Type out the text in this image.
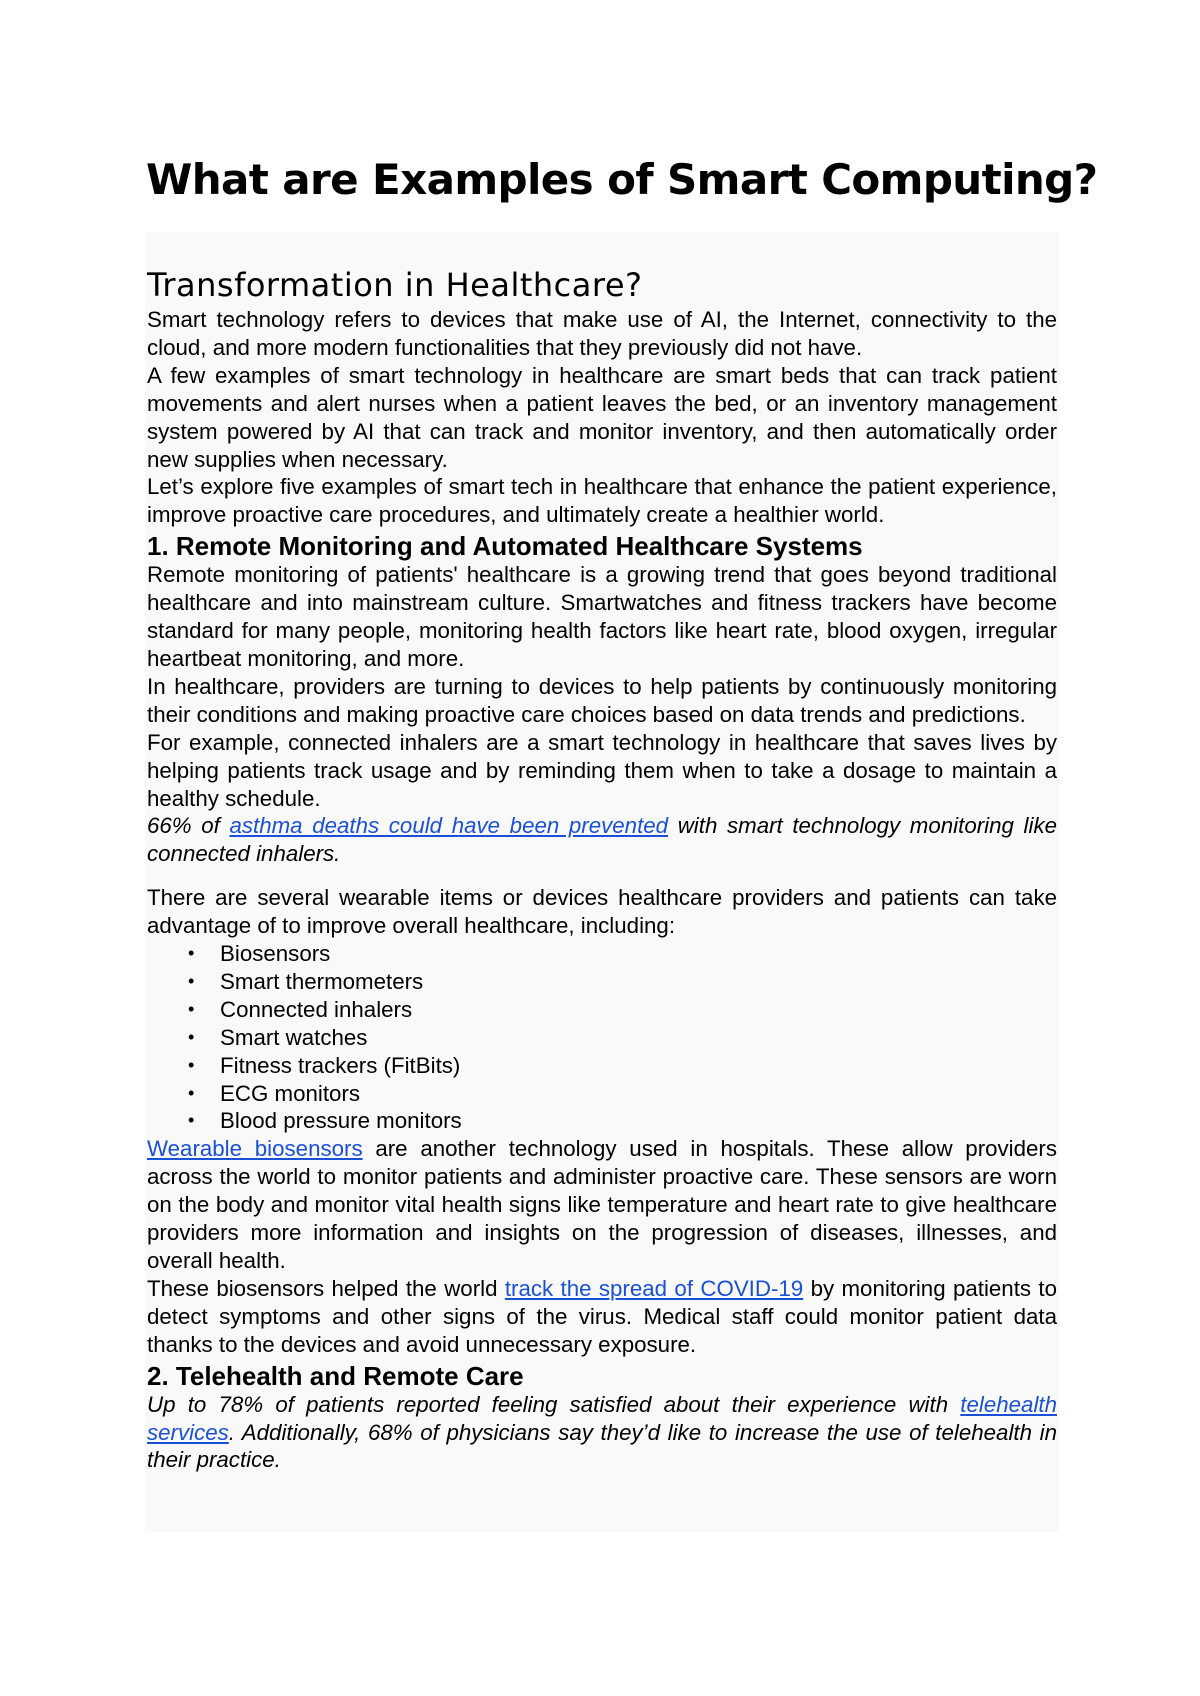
What are Examples of Smart Computing?
Transformation in Healthcare?

Smart technology refers to devices that make use of AI, the Internet, connectivity to the cloud, and more modern functionalities that they previously did not have.

A few examples of smart technology in healthcare are smart beds that can track patient movements and alert nurses when a patient leaves the bed, or an inventory management system powered by AI that can track and monitor inventory, and then automatically order new supplies when necessary.

Let’s explore five examples of smart tech in healthcare that enhance the patient experience, improve proactive care procedures, and ultimately create a healthier world.

1. Remote Monitoring and Automated Healthcare Systems

Remote monitoring of patients' healthcare is a growing trend that goes beyond traditional healthcare and into mainstream culture. Smartwatches and fitness trackers have become standard for many people, monitoring health factors like heart rate, blood oxygen, irregular heartbeat monitoring, and more.

In healthcare, providers are turning to devices to help patients by continuously monitoring their conditions and making proactive care choices based on data trends and predictions.

For example, connected inhalers are a smart technology in healthcare that saves lives by helping patients track usage and by reminding them when to take a dosage to maintain a healthy schedule.

66% of asthma deaths could have been prevented with smart technology monitoring like connected inhalers.

There are several wearable items or devices healthcare providers and patients can take advantage of to improve overall healthcare, including:

• Biosensors
• Smart thermometers
• Connected inhalers
• Smart watches
• Fitness trackers (FitBits)
• ECG monitors
• Blood pressure monitors

Wearable biosensors are another technology used in hospitals. These allow providers across the world to monitor patients and administer proactive care. These sensors are worn on the body and monitor vital health signs like temperature and heart rate to give healthcare providers more information and insights on the progression of diseases, illnesses, and overall health.

These biosensors helped the world track the spread of COVID-19 by monitoring patients to detect symptoms and other signs of the virus. Medical staff could monitor patient data thanks to the devices and avoid unnecessary exposure.

2. Telehealth and Remote Care

Up to 78% of patients reported feeling satisfied about their experience with telehealth services. Additionally, 68% of physicians say they’d like to increase the use of telehealth in their practice.
